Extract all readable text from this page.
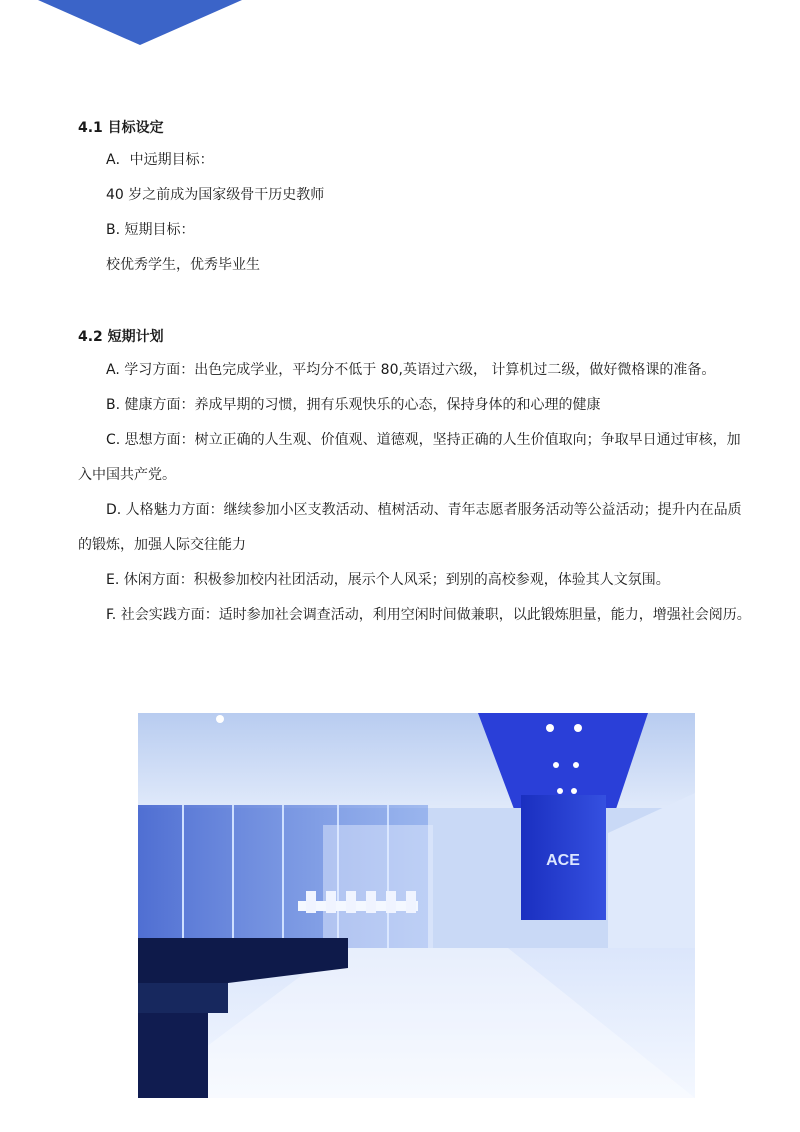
4.1 目标设定

A．中远期目标：

40 岁之前成为国家级骨干历史教师

B. 短期目标：

校优秀学生，优秀毕业生

4.2 短期计划

A. 学习方面：出色完成学业，平均分不低于 80,英语过六级， 计算机过二级，做好微格课的准备。

B. 健康方面：养成早期的习惯，拥有乐观快乐的心态，保持身体的和心理的健康

C. 思想方面：树立正确的人生观、价值观、道德观，坚持正确的人生价值取向；争取早日通过审核，加入中国共产党。

D. 人格魅力方面：继续参加小区支教活动、植树活动、青年志愿者服务活动等公益活动；提升内在品质的锻炼，加强人际交往能力

E. 休闲方面：积极参加校内社团活动，展示个人风采；到别的高校参观，体验其人文氛围。

F. 社会实践方面：适时参加社会调查活动，利用空闲时间做兼职，以此锻炼胆量，能力，增强社会阅历。

ACE
